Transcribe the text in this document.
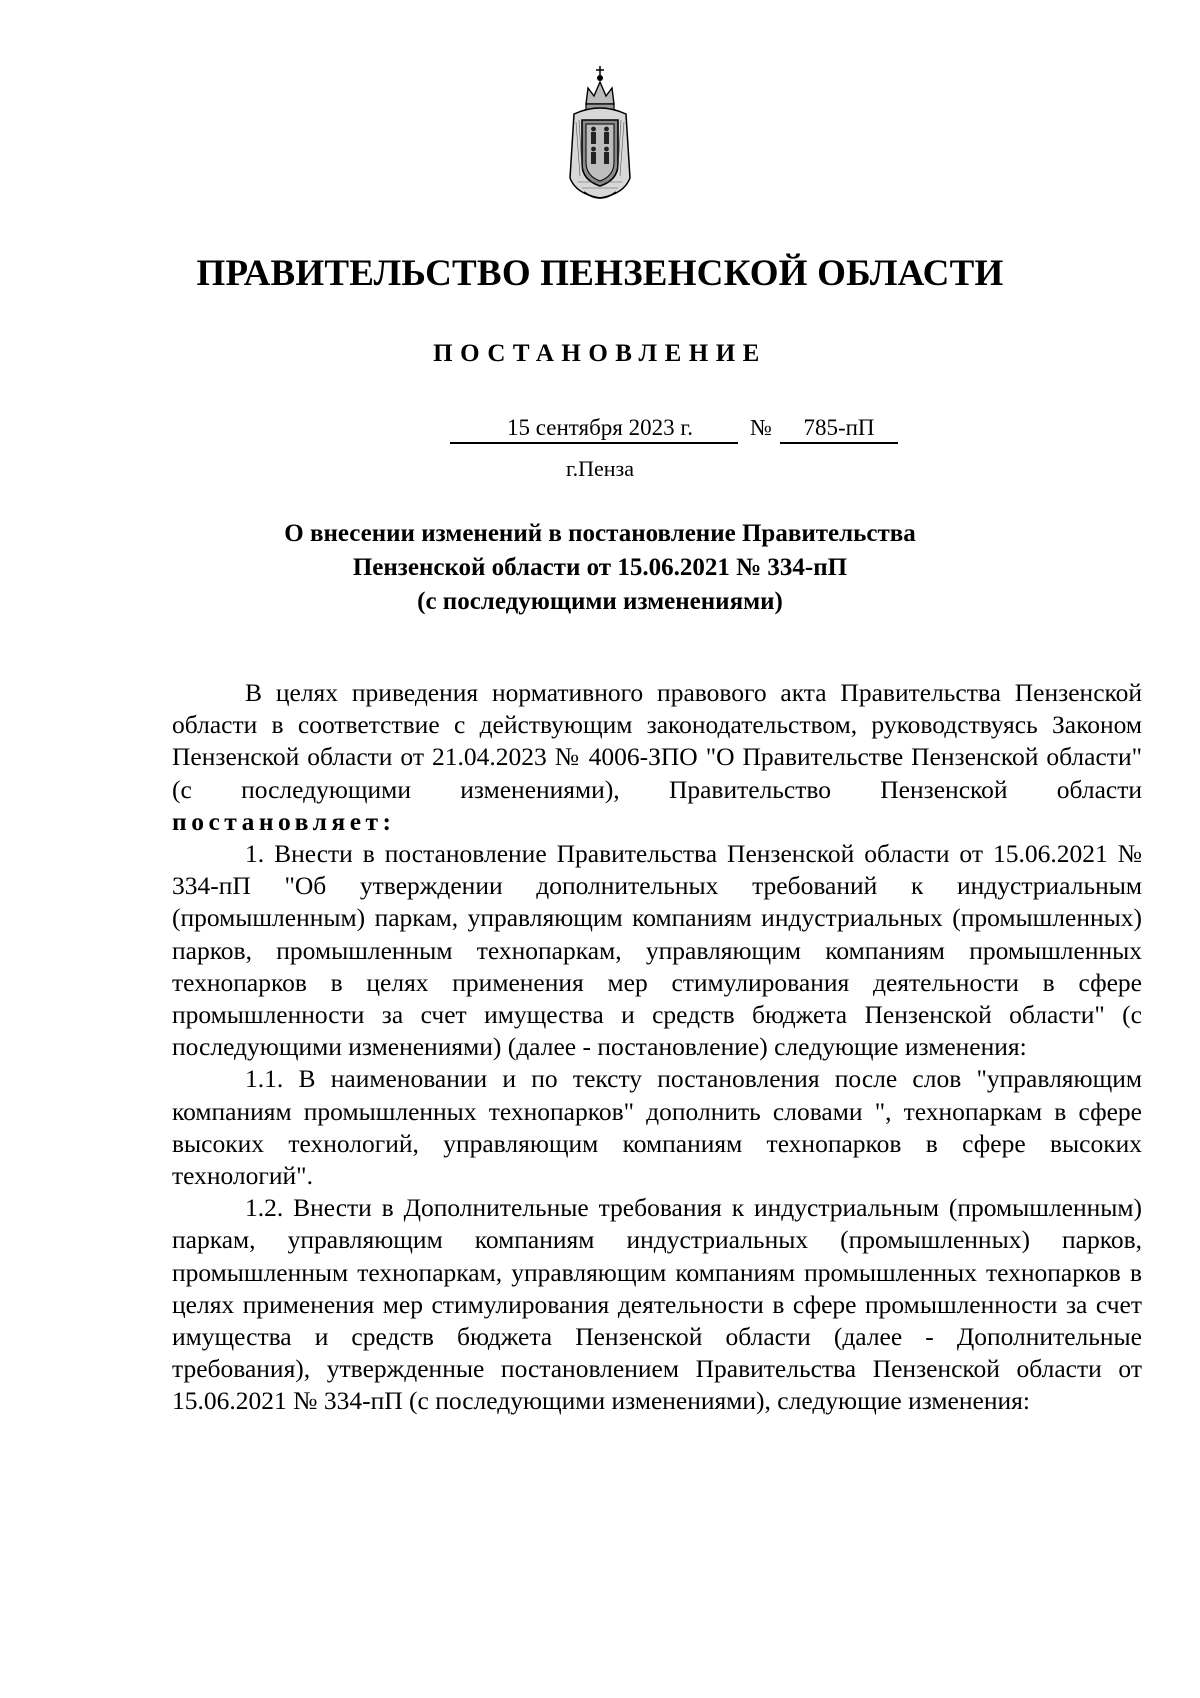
ПРАВИТЕЛЬСТВО ПЕНЗЕНСКОЙ ОБЛАСТИ
ПОСТАНОВЛЕНИЕ
15 сентября 2023 г.	№	785-пП
г.Пенза
О внесении изменений в постановление Правительства
Пензенской области от 15.06.2021 № 334-пП
(с последующими изменениями)

В целях приведения нормативного правового акта Правительства Пензенской области в соответствие с действующим законодательством, руководствуясь Законом Пензенской области от 21.04.2023 № 4006-ЗПО "О Правительстве Пензенской области" (с последующими изменениями), Правительство Пензенской области постановляет:

1. Внести в постановление Правительства Пензенской области от 15.06.2021 № 334-пП "Об утверждении дополнительных требований к индустриальным (промышленным) паркам, управляющим компаниям индустриальных (промышленных) парков, промышленным технопаркам, управляющим компаниям промышленных технопарков в целях применения мер стимулирования деятельности в сфере промышленности за счет имущества и средств бюджета Пензенской области" (с последующими изменениями) (далее - постановление) следующие изменения:

1.1. В наименовании и по тексту постановления после слов "управляющим компаниям промышленных технопарков" дополнить словами ", технопаркам в сфере высоких технологий, управляющим компаниям технопарков в сфере высоких технологий".

1.2. Внести в Дополнительные требования к индустриальным (промышленным) паркам, управляющим компаниям индустриальных (промышленных) парков, промышленным технопаркам, управляющим компаниям промышленных технопарков в целях применения мер стимулирования деятельности в сфере промышленности за счет имущества и средств бюджета Пензенской области (далее - Дополнительные требования), утвержденные постановлением Правительства Пензенской области от 15.06.2021 № 334-пП (с последующими изменениями), следующие изменения:
